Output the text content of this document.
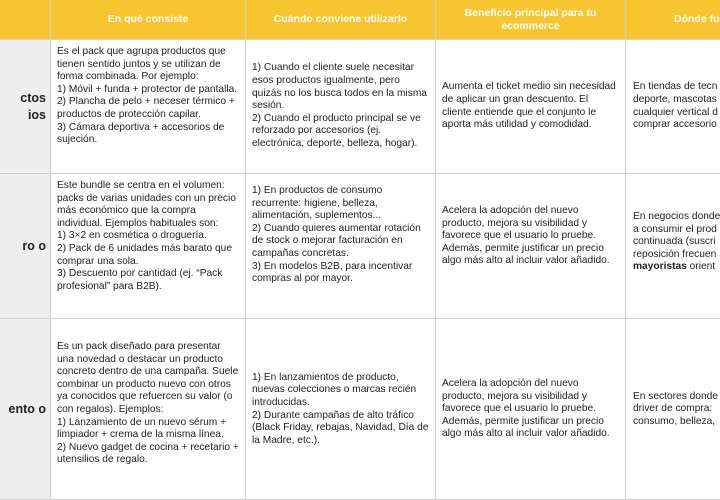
En qué consiste	Cuándo conviene utilizarlo
Beneficio principal para tu ecommerce
Dónde fu
ctos
ios
Es el pack que agrupa productos que tienen sentido juntos y se utilizan de forma combinada. Por ejemplo:
1) Móvil + funda + protector de pantalla.
2) Plancha de pelo + neceser térmico + productos de protección capilar.
3) Cámara deportiva + accesorios de sujeción.
1) Cuando el cliente suele necesitar esos productos igualmente, pero quizás no los busca todos en la misma sesión.
2) Cuando el producto principal se ve reforzado por accesorios (ej. electrónica, deporte, belleza, hogar).
Aumenta el ticket medio sin necesidad de aplicar un gran descuento. El cliente entiende que el conjunto le aporta más utilidad y comodidad.
En tiendas de tecn
deporte, mascotas
cualquier vertical d
comprar accesorio
ro o
Este bundle se centra en el volumen: packs de varias unidades con un precio más económico que la compra individual. Ejemplos habituales son:
1) 3×2 en cosmética o droguería.
2) Pack de 6 unidades más barato que comprar una sola.
3) Descuento por cantidad (ej. “Pack profesional” para B2B).
1) En productos de consumo recurrente: higiene, belleza, alimentación, suplementos...
2) Cuando quieres aumentar rotación de stock o mejorar facturación en campañas concretas.
3) En modelos B2B, para incentivar compras al por mayor.
Acelera la adopción del nuevo producto, mejora su visibilidad y favorece que el usuario lo pruebe. Además, permite justificar un precio algo más alto al incluir valor añadido.
En negocios donde
a consumir el prod
continuada (suscri
reposición frecuen
mayoristas orient
ento o
Es un pack diseñado para presentar una novedad o destacar un producto concreto dentro de una campaña. Suele combinar un producto nuevo con otros ya conocidos que refuercen su valor (o con regalos). Ejemplos:
1) Lanzamiento de un nuevo sérum + limpiador + crema de la misma línea.
2) Nuevo gadget de cocina + recetario + utensilios de regalo.
1) En lanzamientos de producto, nuevas colecciones o marcas recién introducidas.
2) Durante campañas de alto tráfico (Black Friday, rebajas, Navidad, Día de la Madre, etc.).
Acelera la adopción del nuevo producto, mejora su visibilidad y favorece que el usuario lo pruebe. Además, permite justificar un precio algo más alto al incluir valor añadido.
En sectores donde
driver de compra:
consumo, belleza,
